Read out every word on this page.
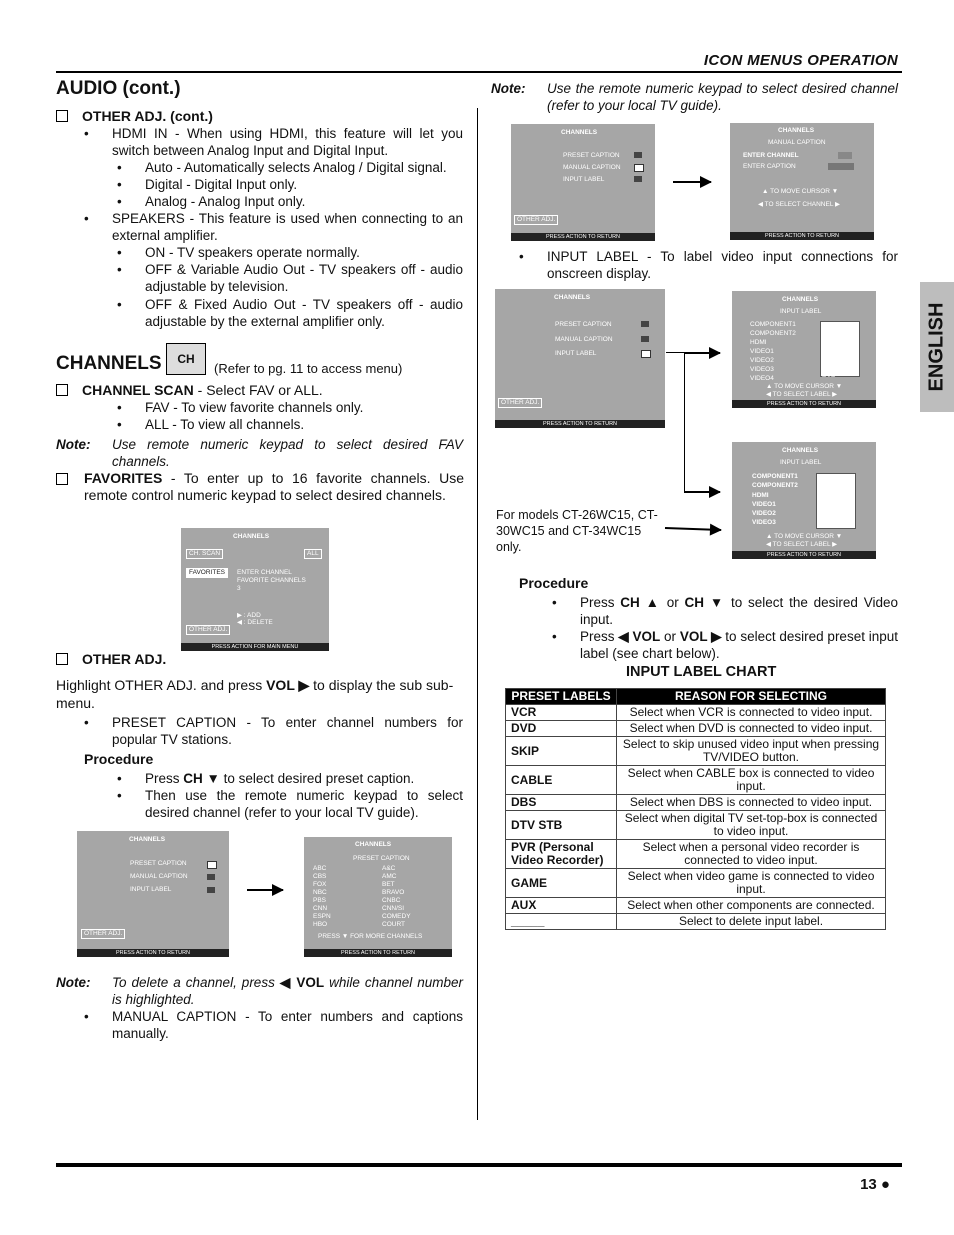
ICON MENUS OPERATION
ENGLISH
AUDIO (cont.)
OTHER ADJ. (cont.)
• HDMI IN - When using HDMI, this feature will let you switch between Analog Input and Digital Input.
• Auto - Automatically selects Analog / Digital signal.
• Digital - Digital Input only.
• Analog - Analog Input only.
• SPEAKERS - This feature is used when connecting to an external amplifier.
• ON - TV speakers operate normally.
• OFF & Variable Audio Out - TV speakers off - audio adjustable by television.
• OFF & Fixed Audio Out - TV speakers off - audio adjustable by the external amplifier only.
CHANNELS	CH
(Refer to pg. 11 to access menu)
CHANNEL SCAN - Select FAV or ALL.
• FAV - To view favorite channels only.
• ALL - To view all channels.
Note: Use remote numeric keypad to select desired FAV channels.
FAVORITES - To enter up to 16 favorite channels. Use remote control numeric keypad to select desired channels.
CHANNELS
CH. SCAN	ALL
FAVORITES	ENTER CHANNEL
FAVORITE CHANNELS
3
▶ : ADD
◀ : DELETE
OTHER ADJ.
PRESS ACTION FOR MAIN MENU
OTHER ADJ.
Highlight OTHER ADJ. and press VOL ▶ to display the sub sub-menu.
• PRESET CAPTION - To enter channel numbers for popular TV stations.
Procedure
• Press CH ▼ to select desired preset caption.
• Then use the remote numeric keypad to select desired channel (refer to your local TV guide).
CHANNELS
PRESET CAPTION
MANUAL CAPTION
INPUT LABEL
OTHER ADJ.
PRESS ACTION TO RETURN
CHANNELS
PRESET CAPTION
ABC
CBS
FOX
NBC
PBS
CNN
ESPN
HBO
A&C
AMC
BET
BRAVO
CNBC
CNN/SI
COMEDY
COURT
PRESS ▼ FOR MORE CHANNELS
PRESS ACTION TO RETURN
Note: To delete a channel, press ◀ VOL while channel number is highlighted.
• MANUAL CAPTION - To enter numbers and captions manually.
Note: Use the remote numeric keypad to select desired channel (refer to your local TV guide).
CHANNELS
PRESET CAPTION
MANUAL CAPTION
INPUT LABEL
OTHER ADJ.
PRESS ACTION TO RETURN
CHANNELS
MANUAL CAPTION
ENTER CHANNEL
ENTER CAPTION
▲ TO MOVE CURSOR ▼
◀ TO SELECT CHANNEL ▶
PRESS ACTION TO RETURN
• INPUT LABEL - To label video input connections for onscreen display.
CHANNELS
PRESET CAPTION
MANUAL CAPTION
INPUT LABEL
OTHER ADJ.
PRESS ACTION TO RETURN
CHANNELS
INPUT LABEL
COMPONENT1
COMPONENT2
HDMI
VIDEO1
VIDEO2
VIDEO3
VIDEO4
SKIP
VCR
DVD
▲ TO MOVE CURSOR ▼
◀ TO SELECT LABEL ▶
PRESS ACTION TO RETURN
CHANNELS
INPUT LABEL
COMPONENT1
COMPONENT2
HDMI
VIDEO1
VIDEO2
VIDEO3
SKIP
VCR
▲ TO MOVE CURSOR ▼
◀ TO SELECT LABEL ▶
PRESS ACTION TO RETURN
For models CT-26WC15, CT-30WC15 and CT-34WC15 only.
Procedure
• Press CH ▲ or CH ▼ to select the desired Video input.
• Press ◀ VOL or VOL ▶ to select desired preset input label (see chart below).
INPUT LABEL CHART
PRESET LABELS	REASON FOR SELECTING
VCR	Select when VCR is connected to video input.
DVD	Select when DVD is connected to video input.
SKIP	Select to skip unused video input when pressing TV/VIDEO button.
CABLE	Select when CABLE box is connected to video input.
DBS	Select when DBS is connected to video input.
DTV STB	Select when digital TV set-top-box is connected to video input.
PVR (Personal Video Recorder)	Select when a personal video recorder is connected to video input.
GAME	Select when video game is connected to video input.
AUX	Select when other components are connected.
_____	Select to delete input label.
13 ●
